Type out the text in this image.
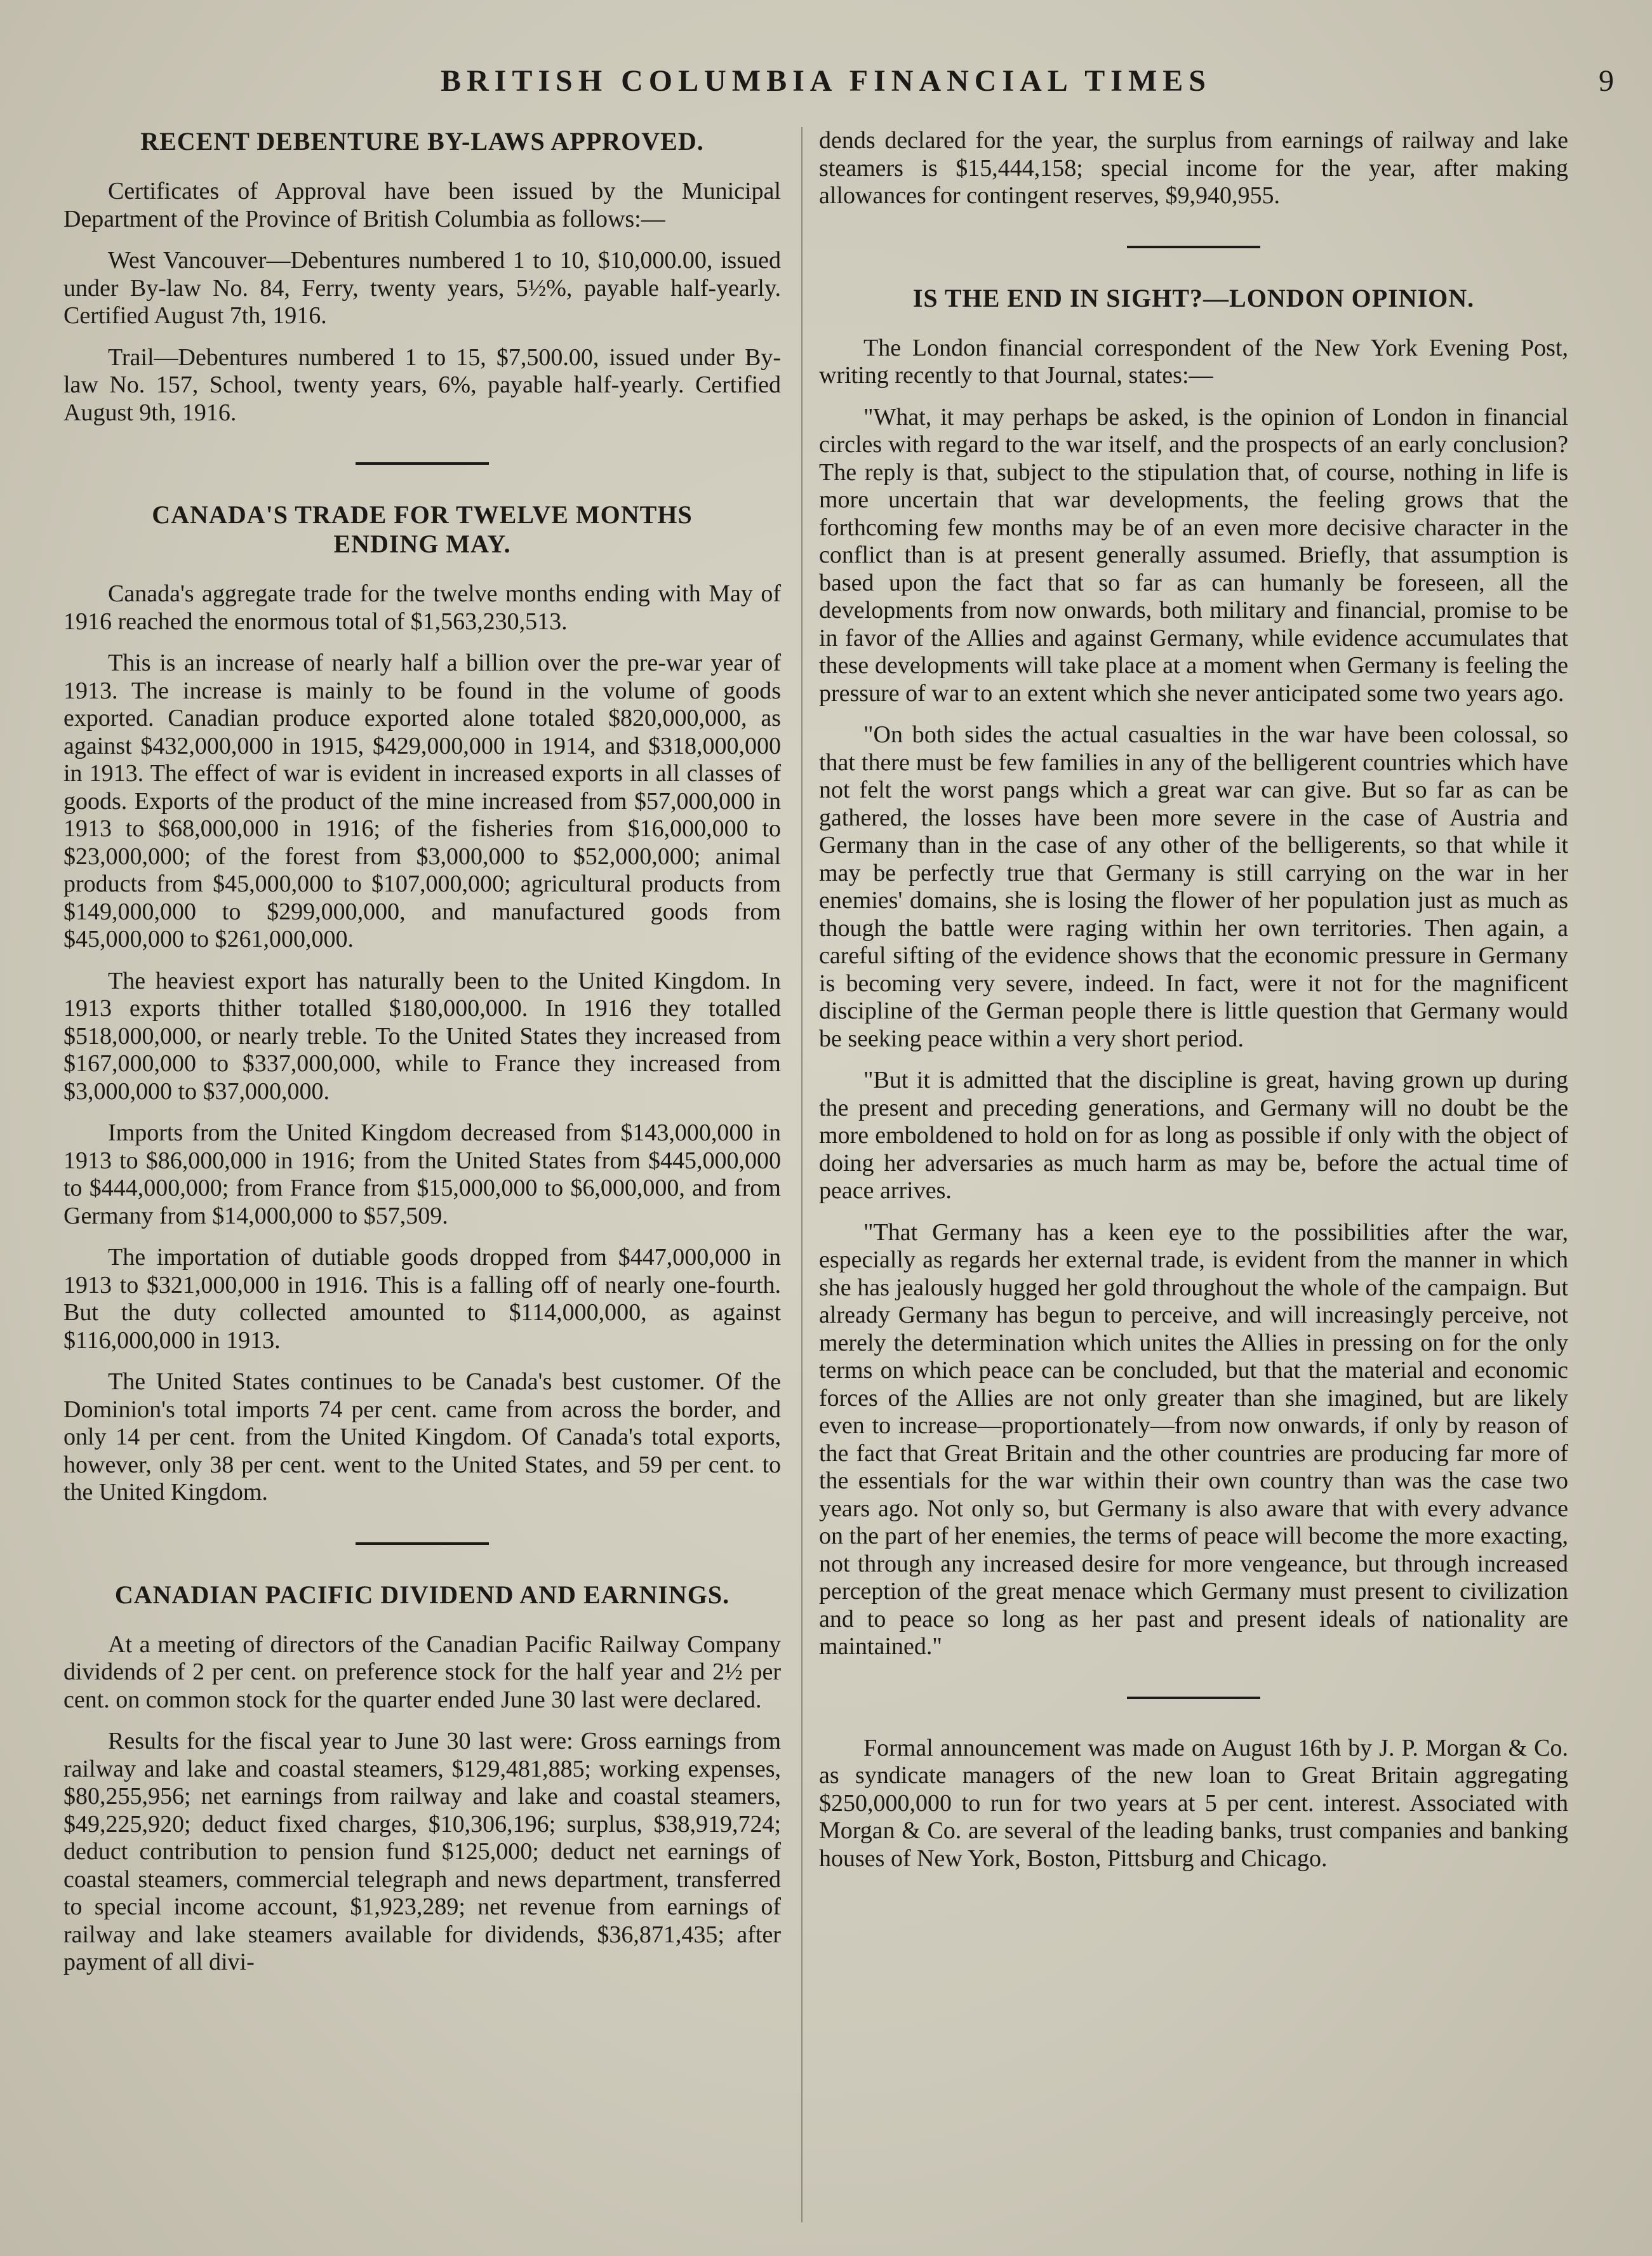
BRITISH COLUMBIA FINANCIAL TIMES	9
RECENT DEBENTURE BY-LAWS APPROVED.

Certificates of Approval have been issued by the Municipal Department of the Province of British Columbia as follows:—

West Vancouver—Debentures numbered 1 to 10, $10,000.00, issued under By-law No. 84, Ferry, twenty years, 5½%, payable half-yearly. Certified August 7th, 1916.

Trail—Debentures numbered 1 to 15, $7,500.00, issued under By-law No. 157, School, twenty years, 6%, payable half-yearly. Certified August 9th, 1916.

CANADA'S TRADE FOR TWELVE MONTHS
ENDING MAY.

Canada's aggregate trade for the twelve months ending with May of 1916 reached the enormous total of $1,563,230,513.

This is an increase of nearly half a billion over the pre-war year of 1913. The increase is mainly to be found in the volume of goods exported. Canadian produce exported alone totaled $820,000,000, as against $432,000,000 in 1915, $429,000,000 in 1914, and $318,000,000 in 1913. The effect of war is evident in increased exports in all classes of goods. Exports of the product of the mine increased from $57,000,000 in 1913 to $68,000,000 in 1916; of the fisheries from $16,000,000 to $23,000,000; of the forest from $3,000,000 to $52,000,000; animal products from $45,000,000 to $107,000,000; agricultural products from $149,000,000 to $299,000,000, and manufactured goods from $45,000,000 to $261,000,000.

The heaviest export has naturally been to the United Kingdom. In 1913 exports thither totalled $180,000,000. In 1916 they totalled $518,000,000, or nearly treble. To the United States they increased from $167,000,000 to $337,000,000, while to France they increased from $3,000,000 to $37,000,000.

Imports from the United Kingdom decreased from $143,000,000 in 1913 to $86,000,000 in 1916; from the United States from $445,000,000 to $444,000,000; from France from $15,000,000 to $6,000,000, and from Germany from $14,000,000 to $57,509.

The importation of dutiable goods dropped from $447,000,000 in 1913 to $321,000,000 in 1916. This is a falling off of nearly one-fourth. But the duty collected amounted to $114,000,000, as against $116,000,000 in 1913.

The United States continues to be Canada's best customer. Of the Dominion's total imports 74 per cent. came from across the border, and only 14 per cent. from the United Kingdom. Of Canada's total exports, however, only 38 per cent. went to the United States, and 59 per cent. to the United Kingdom.

CANADIAN PACIFIC DIVIDEND AND EARNINGS.

At a meeting of directors of the Canadian Pacific Railway Company dividends of 2 per cent. on preference stock for the half year and 2½ per cent. on common stock for the quarter ended June 30 last were declared.

Results for the fiscal year to June 30 last were: Gross earnings from railway and lake and coastal steamers, $129,481,885; working expenses, $80,255,956; net earnings from railway and lake and coastal steamers, $49,225,920; deduct fixed charges, $10,306,196; surplus, $38,919,724; deduct contribution to pension fund $125,000; deduct net earnings of coastal steamers, commercial telegraph and news department, transferred to special income account, $1,923,289; net revenue from earnings of railway and lake steamers available for dividends, $36,871,435; after payment of all divi-

dends declared for the year, the surplus from earnings of railway and lake steamers is $15,444,158; special income for the year, after making allowances for contingent reserves, $9,940,955.

IS THE END IN SIGHT?—LONDON OPINION.

The London financial correspondent of the New York Evening Post, writing recently to that Journal, states:—

"What, it may perhaps be asked, is the opinion of London in financial circles with regard to the war itself, and the prospects of an early conclusion? The reply is that, subject to the stipulation that, of course, nothing in life is more uncertain that war developments, the feeling grows that the forthcoming few months may be of an even more decisive character in the conflict than is at present generally assumed. Briefly, that assumption is based upon the fact that so far as can humanly be foreseen, all the developments from now onwards, both military and financial, promise to be in favor of the Allies and against Germany, while evidence accumulates that these developments will take place at a moment when Germany is feeling the pressure of war to an extent which she never anticipated some two years ago.

"On both sides the actual casualties in the war have been colossal, so that there must be few families in any of the belligerent countries which have not felt the worst pangs which a great war can give. But so far as can be gathered, the losses have been more severe in the case of Austria and Germany than in the case of any other of the belligerents, so that while it may be perfectly true that Germany is still carrying on the war in her enemies' domains, she is losing the flower of her population just as much as though the battle were raging within her own territories. Then again, a careful sifting of the evidence shows that the economic pressure in Germany is becoming very severe, indeed. In fact, were it not for the magnificent discipline of the German people there is little question that Germany would be seeking peace within a very short period.

"But it is admitted that the discipline is great, having grown up during the present and preceding generations, and Germany will no doubt be the more emboldened to hold on for as long as possible if only with the object of doing her adversaries as much harm as may be, before the actual time of peace arrives.

"That Germany has a keen eye to the possibilities after the war, especially as regards her external trade, is evident from the manner in which she has jealously hugged her gold throughout the whole of the campaign. But already Germany has begun to perceive, and will increasingly perceive, not merely the determination which unites the Allies in pressing on for the only terms on which peace can be concluded, but that the material and economic forces of the Allies are not only greater than she imagined, but are likely even to increase—proportionately—from now onwards, if only by reason of the fact that Great Britain and the other countries are producing far more of the essentials for the war within their own country than was the case two years ago. Not only so, but Germany is also aware that with every advance on the part of her enemies, the terms of peace will become the more exacting, not through any increased desire for more vengeance, but through increased perception of the great menace which Germany must present to civilization and to peace so long as her past and present ideals of nationality are maintained."

Formal announcement was made on August 16th by J. P. Morgan & Co. as syndicate managers of the new loan to Great Britain aggregating $250,000,000 to run for two years at 5 per cent. interest. Associated with Morgan & Co. are several of the leading banks, trust companies and banking houses of New York, Boston, Pittsburg and Chicago.
